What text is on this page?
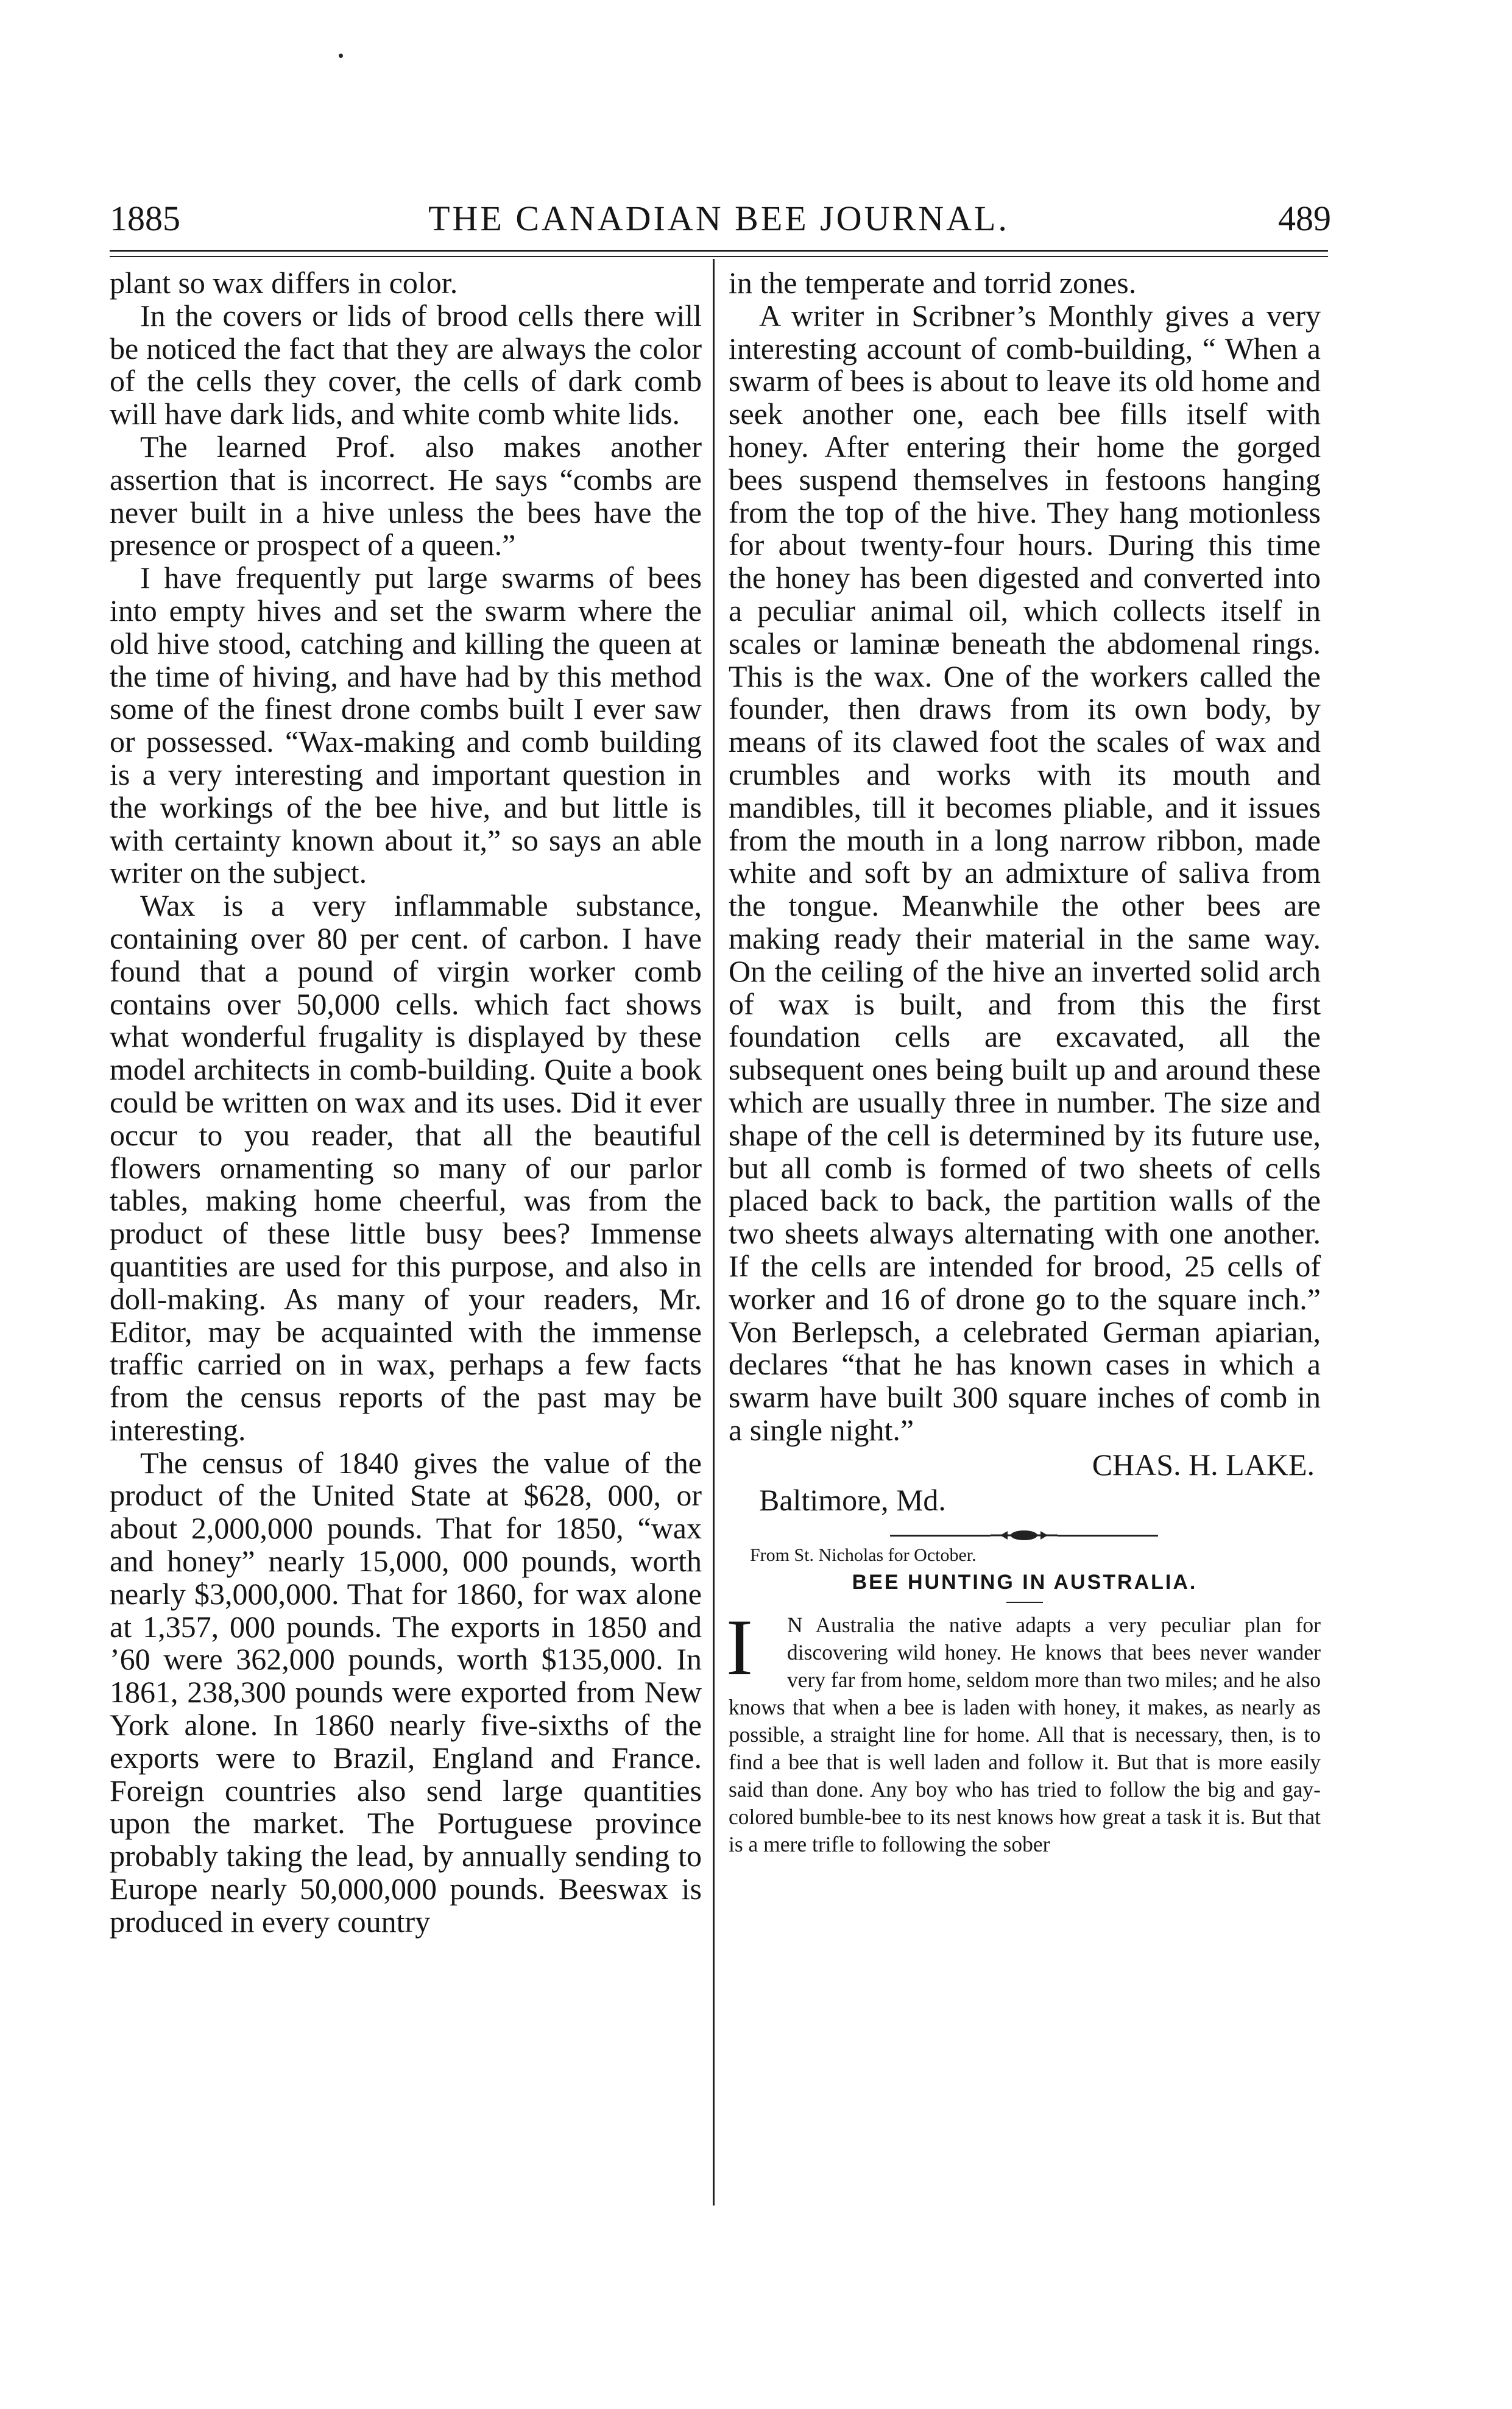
1885	THE CANADIAN BEE JOURNAL.	489

plant so wax differs in color.

In the covers or lids of brood cells there will be noticed the fact that they are always the color of the cells they cover, the cells of dark comb will have dark lids, and white comb white lids.

The learned Prof. also makes another assertion that is incorrect. He says “combs are never built in a hive unless the bees have the presence or prospect of a queen.”

I have frequently put large swarms of bees into empty hives and set the swarm where the old hive stood, catching and killing the queen at the time of hiving, and have had by this method some of the finest drone combs built I ever saw or possessed. “Wax-making and comb building is a very interesting and important question in the workings of the bee hive, and but little is with certainty known about it,” so says an able writer on the subject.

Wax is a very inflammable substance, containing over 80 per cent. of carbon. I have found that a pound of virgin worker comb contains over 50,000 cells. which fact shows what wonderful frugality is displayed by these model architects in comb-building. Quite a book could be written on wax and its uses. Did it ever occur to you reader, that all the beautiful flowers ornamenting so many of our parlor tables, making home cheerful, was from the product of these little busy bees? Immense quantities are used for this purpose, and also in doll-making. As many of your readers, Mr. Editor, may be acquainted with the immense traffic carried on in wax, perhaps a few facts from the census reports of the past may be interesting.

The census of 1840 gives the value of the product of the United State at $628, 000, or about 2,000,000 pounds. That for 1850, “wax and honey” nearly 15,000, 000 pounds, worth nearly $3,000,000. That for 1860, for wax alone at 1,357, 000 pounds. The exports in 1850 and ’60 were 362,000 pounds, worth $135,000. In 1861, 238,300 pounds were exported from New York alone. In 1860 nearly five-sixths of the exports were to Brazil, England and France. Foreign countries also send large quantities upon the market. The Portuguese province probably taking the lead, by annually sending to Europe nearly 50,000,000 pounds. Beeswax is produced in every country

in the temperate and torrid zones.

A writer in Scribner’s Monthly gives a very interesting account of comb-building, “ When a swarm of bees is about to leave its old home and seek another one, each bee fills itself with honey. After entering their home the gorged bees suspend themselves in festoons hanging from the top of the hive. They hang motionless for about twenty-four hours. During this time the honey has been digested and converted into a peculiar animal oil, which collects itself in scales or laminæ beneath the abdomenal rings. This is the wax. One of the workers called the founder, then draws from its own body, by means of its clawed foot the scales of wax and crumbles and works with its mouth and mandibles, till it becomes pliable, and it issues from the mouth in a long narrow ribbon, made white and soft by an admixture of saliva from the tongue. Meanwhile the other bees are making ready their material in the same way. On the ceiling of the hive an inverted solid arch of wax is built, and from this the first foundation cells are excavated, all the subsequent ones being built up and around these which are usually three in number. The size and shape of the cell is determined by its future use, but all comb is formed of two sheets of cells placed back to back, the partition walls of the two sheets always alternating with one another. If the cells are intended for brood, 25 cells of worker and 16 of drone go to the square inch.” Von Berlepsch, a celebrated German apiarian, declares “that he has known cases in which a swarm have built 300 square inches of comb in a single night.”

CHAS. H. LAKE.

Baltimore, Md.

From St. Nicholas for October.
BEE HUNTING IN AUSTRALIA.
I	N Australia the native adapts a very peculiar plan for discovering wild honey. He knows that bees never wander very far from home, seldom more than two miles; and he also knows that when a bee is laden with honey, it makes, as nearly as possible, a straight line for home. All that is necessary, then, is to find a bee that is well laden and follow it. But that is more easily said than done. Any boy who has tried to follow the big and gay-colored bumble-bee to its nest knows how great a task it is. But that is a mere trifle to following the sober
